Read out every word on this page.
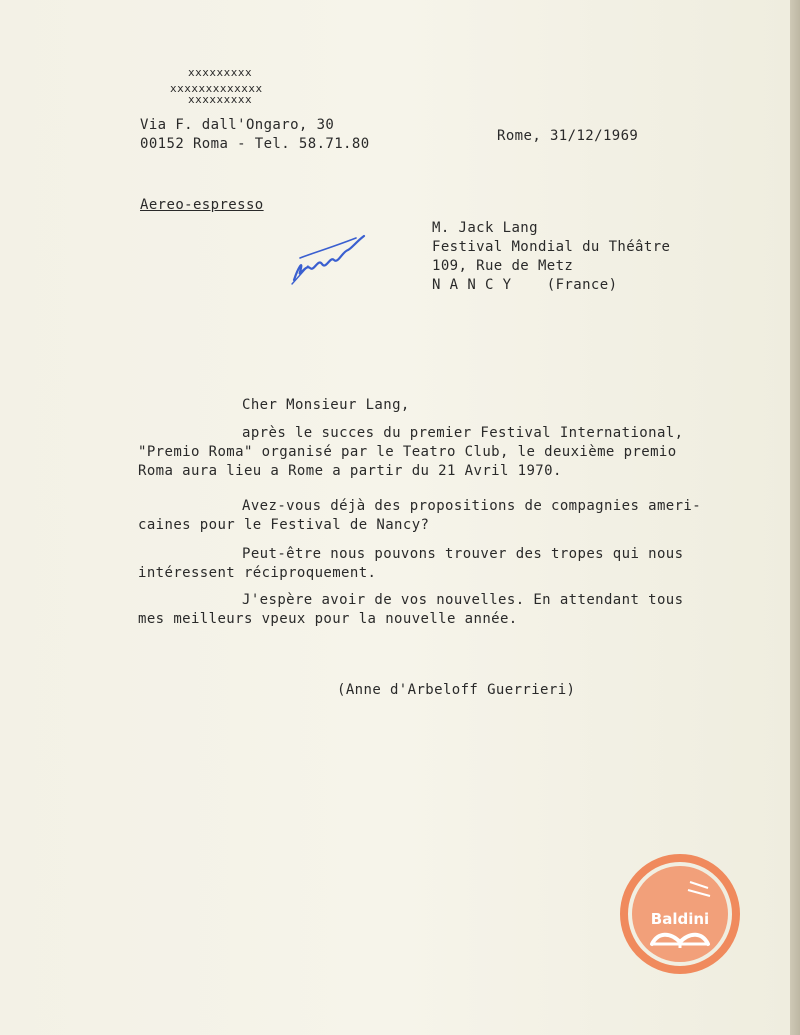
xxxxxxxxx
xxxxxxxxxxxxx
xxxxxxxxx
Via F. dall'Ongaro, 30
00152 Roma - Tel. 58.71.80	Rome, 31/12/1969
Aereo-espresso
M. Jack Lang
Festival Mondial du Théâtre
109, Rue de Metz
N A N C Y    (France)
Cher Monsieur Lang,
après le succes du premier Festival International,
"Premio Roma" organisé par le Teatro Club, le deuxième premio
Roma aura lieu a Rome a partir du 21 Avril 1970.
Avez-vous déjà des propositions de compagnies ameri-
caines pour le Festival de Nancy?
Peut-être nous pouvons trouver des tropes qui nous
intéressent réciproquement.
J'espère avoir de vos nouvelles. En attendant tous
mes meilleurs vpeux pour la nouvelle année.
(Anne d'Arbeloff Guerrieri)
Baldini
